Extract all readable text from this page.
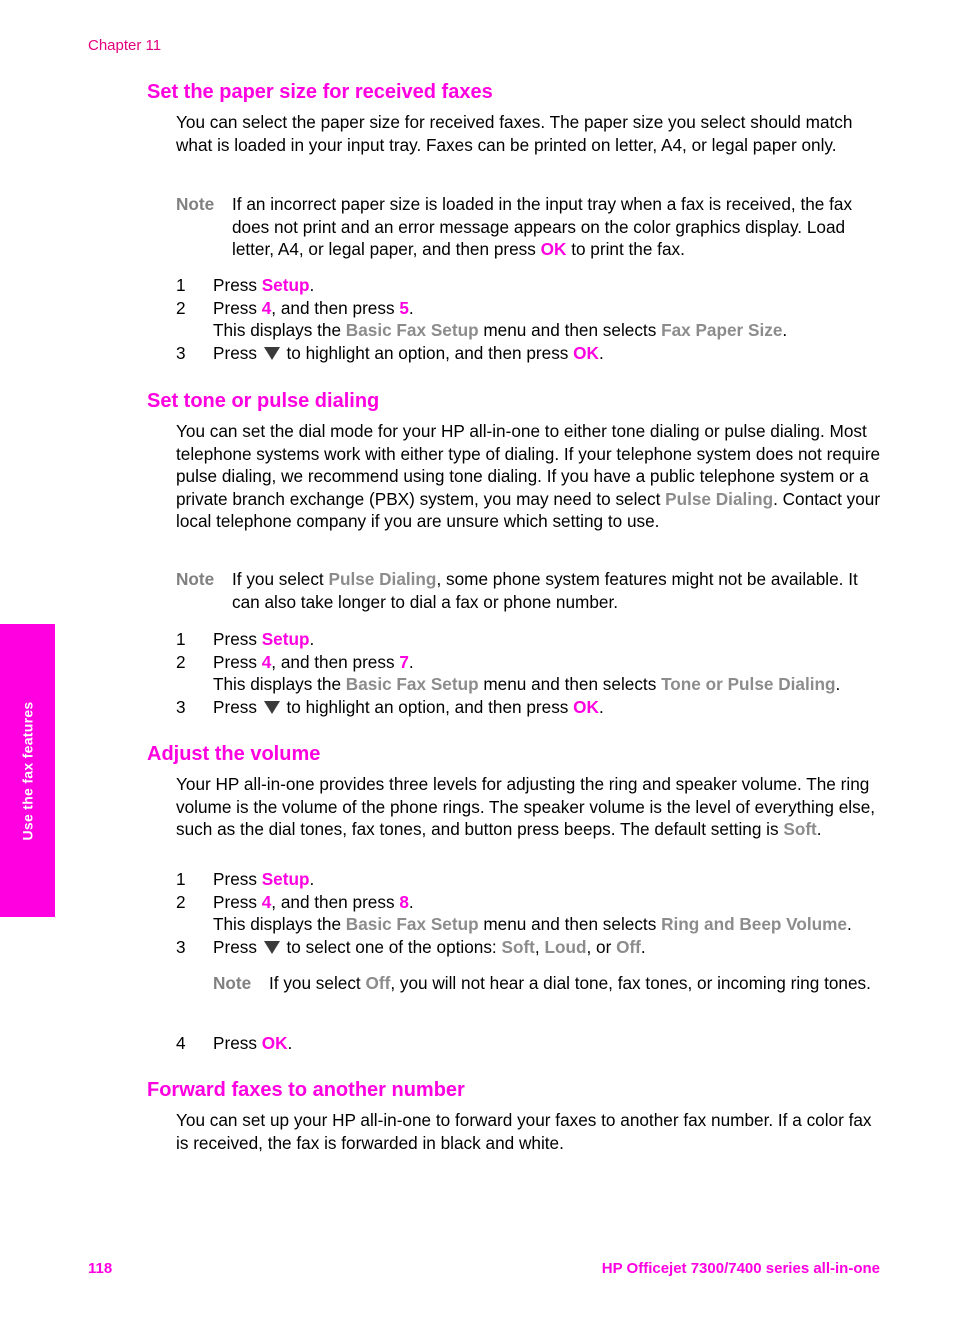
Chapter 11
Use the fax features
Set the paper size for received faxes

You can select the paper size for received faxes. The paper size you select should match what is loaded in your input tray. Faxes can be printed on letter, A4, or legal paper only.

Note If an incorrect paper size is loaded in the input tray when a fax is received, the fax does not print and an error message appears on the color graphics display. Load letter, A4, or legal paper, and then press OK to print the fax.
1 Press Setup.
2 Press 4, and then press 5.
This displays the Basic Fax Setup menu and then selects Fax Paper Size.
3 Press  to highlight an option, and then press OK.
Set tone or pulse dialing

You can set the dial mode for your HP all-in-one to either tone dialing or pulse dialing. Most telephone systems work with either type of dialing. If your telephone system does not require pulse dialing, we recommend using tone dialing. If you have a public telephone system or a private branch exchange (PBX) system, you may need to select Pulse Dialing. Contact your local telephone company if you are unsure which setting to use.

Note If you select Pulse Dialing, some phone system features might not be available. It can also take longer to dial a fax or phone number.
1 Press Setup.
2 Press 4, and then press 7.
This displays the Basic Fax Setup menu and then selects Tone or Pulse Dialing.
3 Press  to highlight an option, and then press OK.
Adjust the volume

Your HP all-in-one provides three levels for adjusting the ring and speaker volume. The ring volume is the volume of the phone rings. The speaker volume is the level of everything else, such as the dial tones, fax tones, and button press beeps. The default setting is Soft.

1 Press Setup.
2 Press 4, and then press 8.
This displays the Basic Fax Setup menu and then selects Ring and Beep Volume.
3 Press  to select one of the options: Soft, Loud, or Off.
Note If you select Off, you will not hear a dial tone, fax tones, or incoming ring tones.
4 Press OK.
Forward faxes to another number

You can set up your HP all-in-one to forward your faxes to another fax number. If a color fax is received, the fax is forwarded in black and white.

118	HP Officejet 7300/7400 series all-in-one
